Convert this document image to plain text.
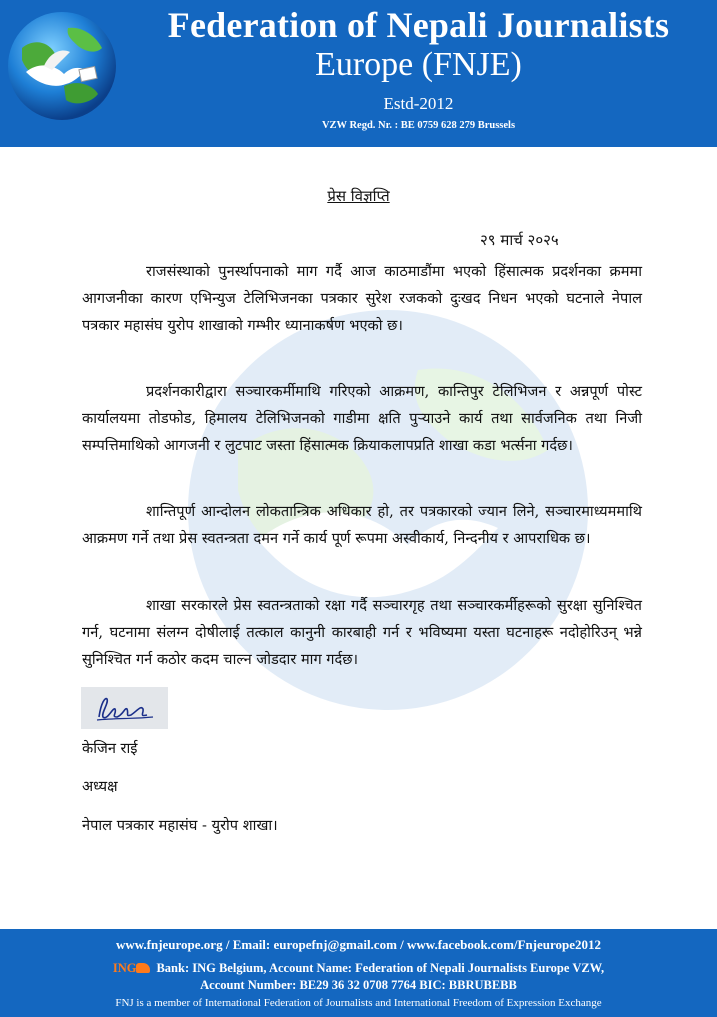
Federation of Nepali Journalists
Europe (FNJE)
Estd-2012
VZW Regd. Nr. : BE 0759 628 279 Brussels
प्रेस विज्ञप्ति
२९ मार्च २०२५

राजसंस्थाको पुनर्स्थापनाको माग गर्दै आज काठमाडौंमा भएको हिंसात्मक प्रदर्शनका क्रममा आगजनीका कारण एभिन्युज टेलिभिजनका पत्रकार सुरेश रजकको दुःखद निधन भएको घटनाले नेपाल पत्रकार महासंघ युरोप शाखाको गम्भीर ध्यानाकर्षण भएको छ।

प्रदर्शनकारीद्वारा सञ्चारकर्मीमाथि गरिएको आक्रमण, कान्तिपुर टेलिभिजन र अन्नपूर्ण पोस्ट कार्यालयमा तोडफोड, हिमालय टेलिभिजनको गाडीमा क्षति पुर्‍याउने कार्य तथा सार्वजनिक तथा निजी सम्पत्तिमाथिको आगजनी र लुटपाट जस्ता हिंसात्मक क्रियाकलापप्रति शाखा कडा भर्त्सना गर्दछ।

शान्तिपूर्ण आन्दोलन लोकतान्त्रिक अधिकार हो, तर पत्रकारको ज्यान लिने, सञ्चारमाध्यममाथि आक्रमण गर्ने तथा प्रेस स्वतन्त्रता दमन गर्ने कार्य पूर्ण रूपमा अस्वीकार्य, निन्दनीय र आपराधिक छ।

शाखा सरकारले प्रेस स्वतन्त्रताको रक्षा गर्दै सञ्चारगृह तथा सञ्चारकर्मीहरूको सुरक्षा सुनिश्चित गर्न, घटनामा संलग्न दोषीलाई तत्काल कानुनी कारबाही गर्न र भविष्यमा यस्ता घटनाहरू नदोहोरिउन् भन्ने सुनिश्चित गर्न कठोर कदम चाल्न जोडदार माग गर्दछ।

केजिन राई
अध्यक्ष
नेपाल पत्रकार महासंघ - युरोप शाखा।
www.fnjeurope.org / Email: europefnj@gmail.com / www.facebook.com/Fnjeurope2012
ING Bank: ING Belgium, Account Name: Federation of Nepali Journalists Europe VZW,
Account Number: BE29 36 32 0708 7764 BIC: BBRUBEBB
FNJ is a member of International Federation of Journalists and International Freedom of Expression Exchange
